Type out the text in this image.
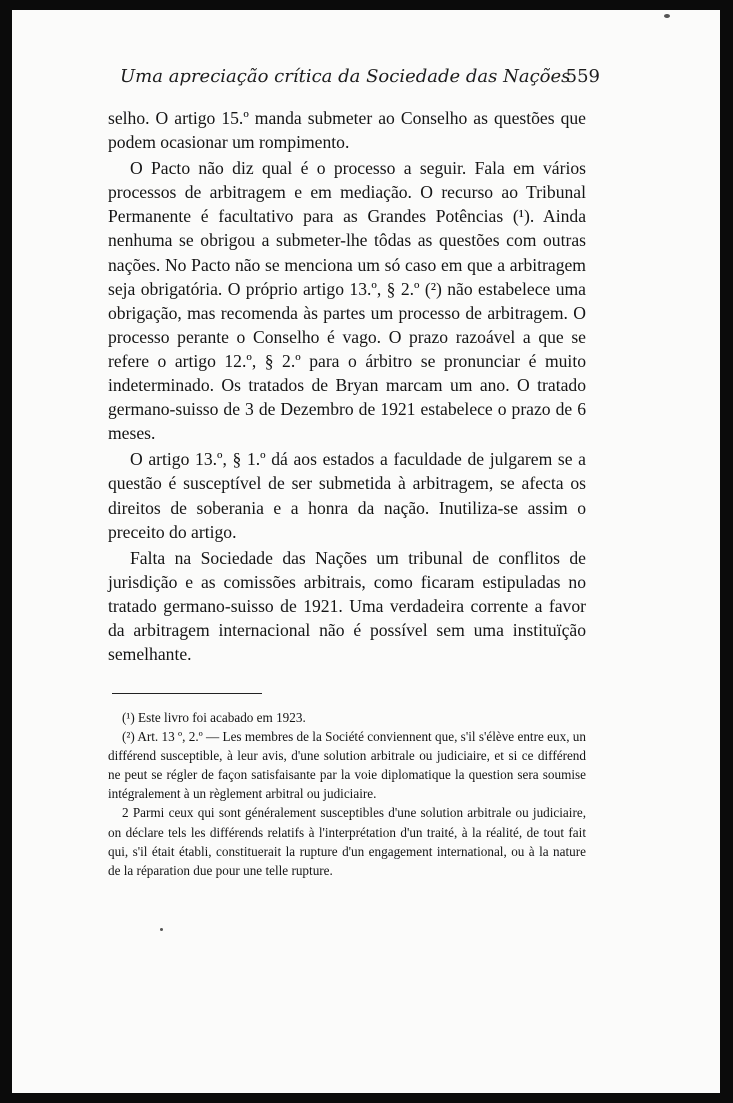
Uma apreciação crítica da Sociedade das Nações
559

selho. O artigo 15.º manda submeter ao Conselho as questões que podem ocasionar um rompimento.

O Pacto não diz qual é o processo a seguir. Fala em vários processos de arbitragem e em mediação. O recurso ao Tribunal Permanente é facultativo para as Grandes Potências (¹). Ainda nenhuma se obrigou a submeter-lhe tôdas as questões com outras nações. No Pacto não se menciona um só caso em que a arbitragem seja obrigatória. O próprio artigo 13.º, § 2.º (²) não estabelece uma obrigação, mas recomenda às partes um processo de arbitragem. O processo perante o Conselho é vago. O prazo razoável a que se refere o artigo 12.º, § 2.º para o árbitro se pronunciar é muito indeterminado. Os tratados de Bryan marcam um ano. O tratado germano-suisso de 3 de Dezembro de 1921 estabelece o prazo de 6 meses.

O artigo 13.º, § 1.º dá aos estados a faculdade de julgarem se a questão é susceptível de ser submetida à arbitragem, se afecta os direitos de soberania e a honra da nação. Inutiliza-se assim o preceito do artigo.

Falta na Sociedade das Nações um tribunal de conflitos de jurisdição e as comissões arbitrais, como ficaram estipuladas no tratado germano-suisso de 1921. Uma verdadeira corrente a favor da arbitragem internacional não é possível sem uma instituïção semelhante.

(¹) Este livro foi acabado em 1923.

(²) Art. 13 º, 2.º — Les membres de la Société conviennent que, s'il s'élève entre eux, un différend susceptible, à leur avis, d'une solution arbitrale ou judiciaire, et si ce différend ne peut se régler de façon satisfaisante par la voie diplomatique la question sera soumise intégralement à un règlement arbitral ou judiciaire.

2 Parmi ceux qui sont généralement susceptibles d'une solution arbitrale ou judiciaire, on déclare tels les différends relatifs à l'interprétation d'un traité, à la réalité, de tout fait qui, s'il était établi, constituerait la rupture d'un engagement international, ou à la nature de la réparation due pour une telle rupture.
